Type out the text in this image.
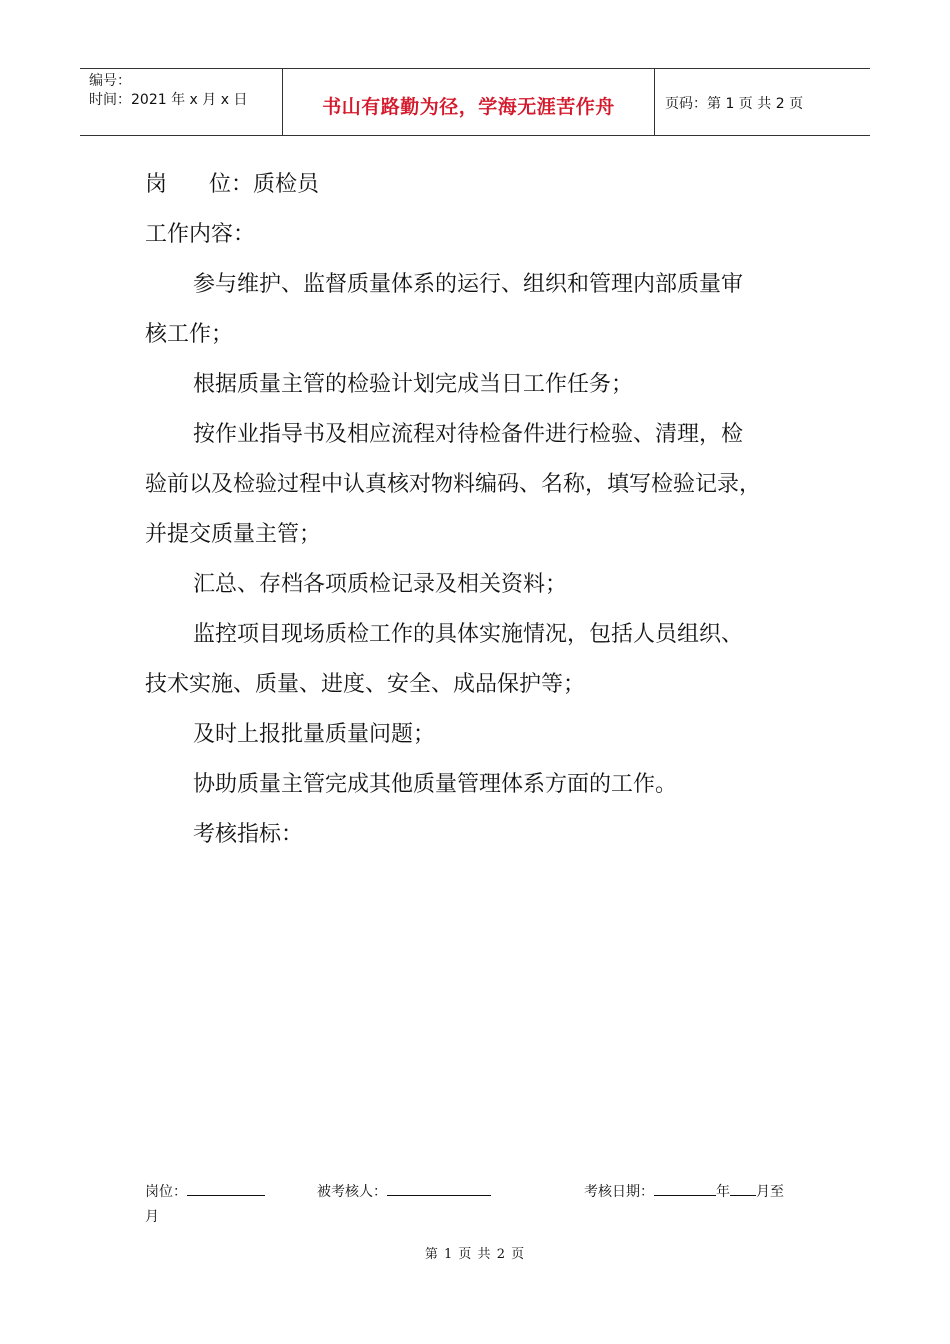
编号：
时间：2021 年 x 月 x 日	书山有路勤为径，学海无涯苦作舟	页码：第 1 页 共 2 页
岗      位：质检员
工作内容：
参与维护、监督质量体系的运行、组织和管理内部质量审
核工作；
根据质量主管的检验计划完成当日工作任务；
按作业指导书及相应流程对待检备件进行检验、清理，检
验前以及检验过程中认真核对物料编码、名称，填写检验记录，
并提交质量主管；
汇总、存档各项质检记录及相关资料；
监控项目现场质检工作的具体实施情况，包括人员组织、
技术实施、质量、进度、安全、成品保护等；
及时上报批量质量问题；
协助质量主管完成其他质量管理体系方面的工作。
考核指标：
岗位：	被考核人：	考核日期：	年 月至
月
第 1 页 共 2 页
